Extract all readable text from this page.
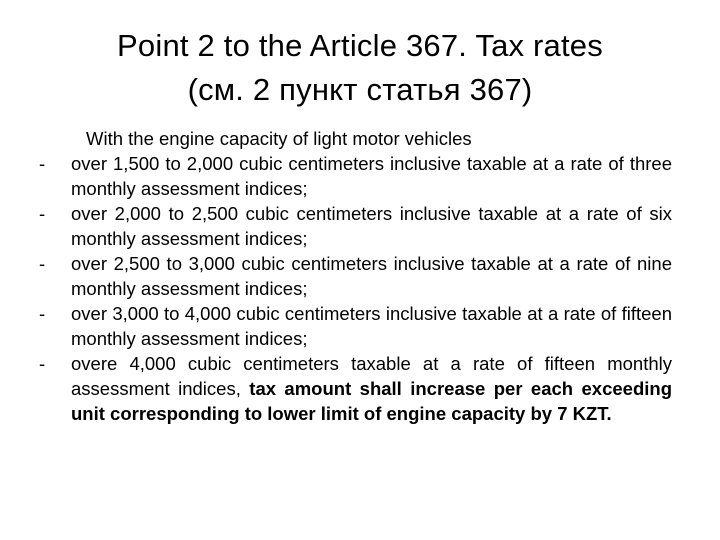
Point 2 to the Article 367. Tax rates
(см. 2 пункт статья 367)
With the engine capacity of light motor vehicles
- over 1,500 to 2,000 cubic centimeters inclusive taxable at a rate of three monthly assessment indices;
- over 2,000 to 2,500 cubic centimeters inclusive taxable at a rate of six monthly assessment indices;
- over 2,500 to 3,000 cubic centimeters inclusive taxable at a rate of nine monthly assessment indices;
- over 3,000 to 4,000 cubic centimeters inclusive taxable at a rate of fifteen monthly assessment indices;
- overe 4,000 cubic centimeters taxable at a rate of fifteen monthly assessment indices, tax amount shall increase per each exceeding unit corresponding to lower limit of engine capacity by 7 KZT.
